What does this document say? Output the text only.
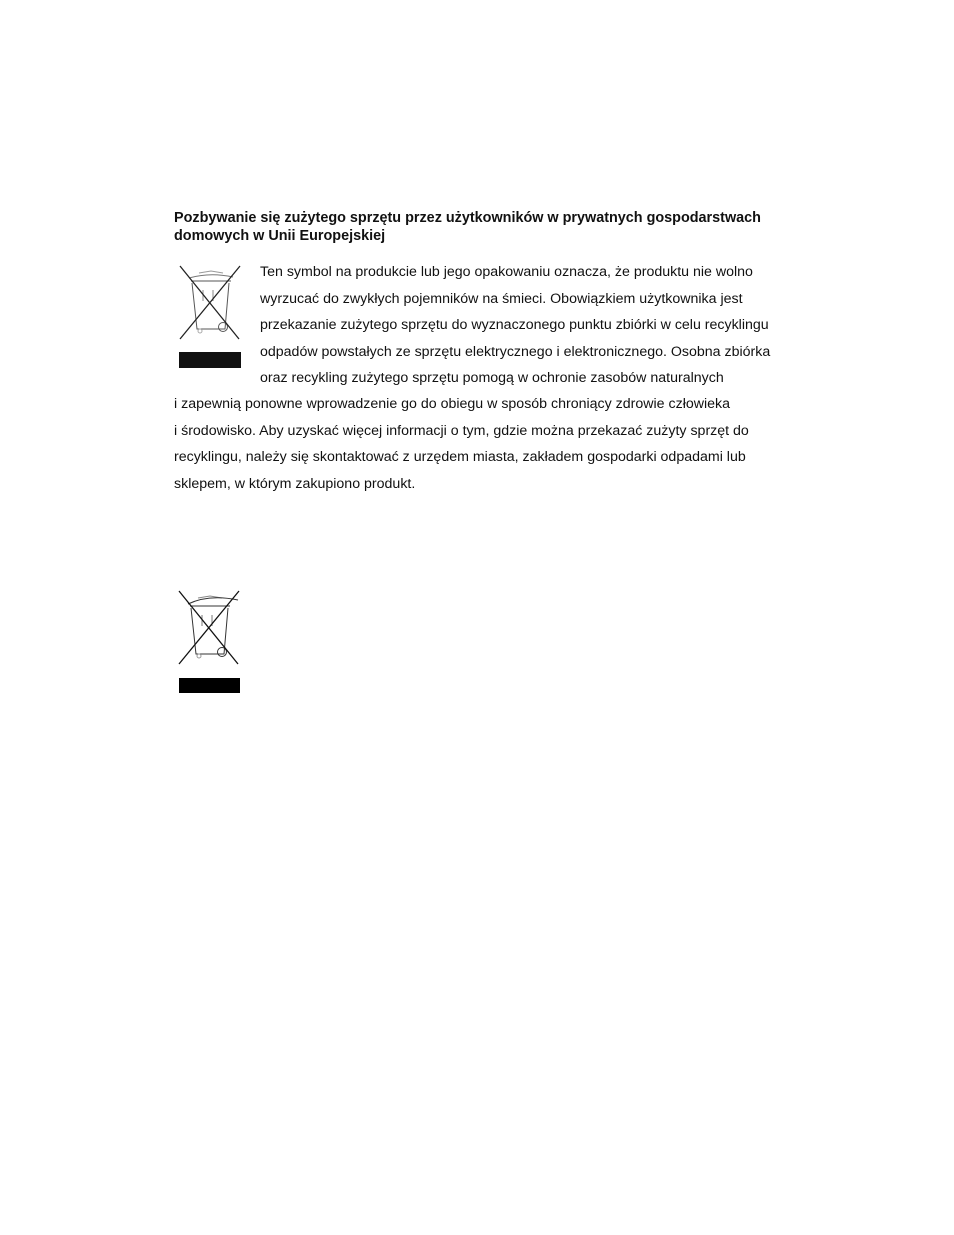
Pozbywanie się zużytego sprzętu przez użytkowników w prywatnych gospodarstwach
domowych w Unii Europejskiej
Ten symbol na produkcie lub jego opakowaniu oznacza, że produktu nie wolno
wyrzucać do zwykłych pojemników na śmieci. Obowiązkiem użytkownika jest
przekazanie zużytego sprzętu do wyznaczonego punktu zbiórki w celu recyklingu
odpadów powstałych ze sprzętu elektrycznego i elektronicznego. Osobna zbiórka
oraz recykling zużytego sprzętu pomogą w ochronie zasobów naturalnych
i zapewnią ponowne wprowadzenie go do obiegu w sposób chroniący zdrowie człowieka
i środowisko. Aby uzyskać więcej informacji o tym, gdzie można przekazać zużyty sprzęt do
recyklingu, należy się skontaktować z urzędem miasta, zakładem gospodarki odpadami lub
sklepem, w którym zakupiono produkt.
